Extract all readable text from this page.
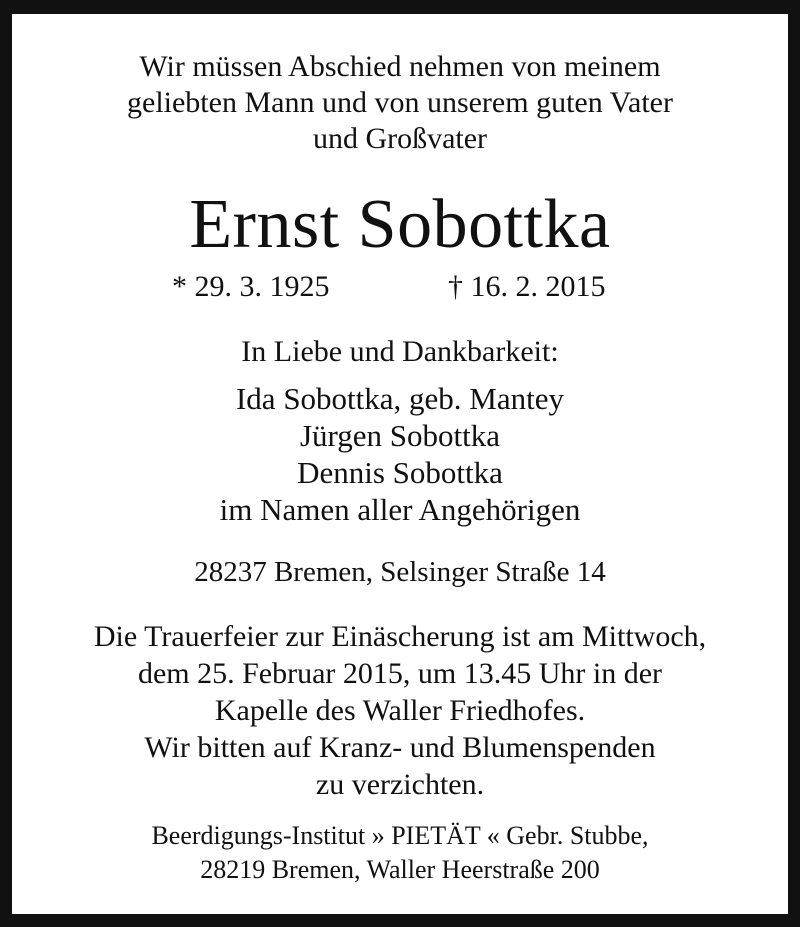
Wir müssen Abschied nehmen von meinem
geliebten Mann und von unserem guten Vater
und Großvater
Ernst Sobottka
* 29. 3. 1925	† 16. 2. 2015
In Liebe und Dankbarkeit:
Ida Sobottka, geb. Mantey
Jürgen Sobottka
Dennis Sobottka
im Namen aller Angehörigen
28237 Bremen, Selsinger Straße 14
Die Trauerfeier zur Einäscherung ist am Mittwoch,
dem 25. Februar 2015, um 13.45 Uhr in der
Kapelle des Waller Friedhofes.
Wir bitten auf Kranz- und Blumenspenden
zu verzichten.
Beerdigungs-Institut » PIETÄT « Gebr. Stubbe,
28219 Bremen, Waller Heerstraße 200
